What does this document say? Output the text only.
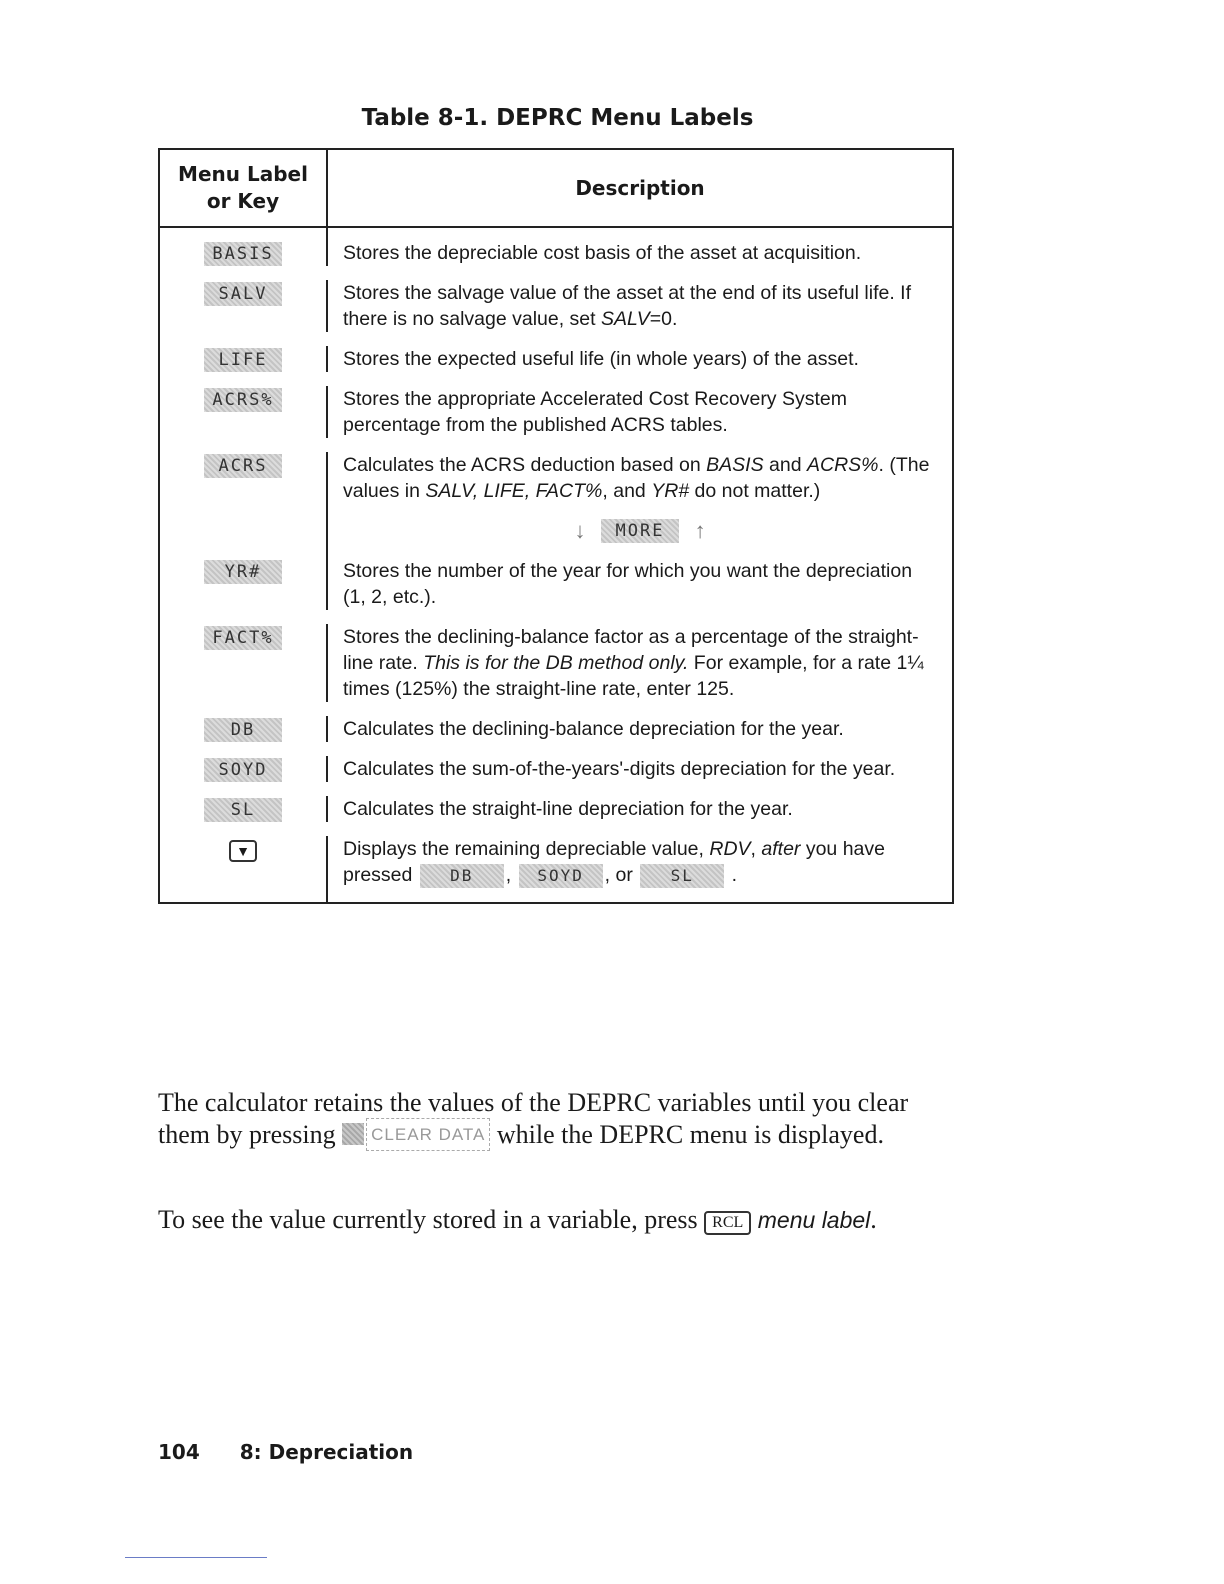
Table 8-1. DEPRC Menu Labels
Menu Label
or Key	Description
BASIS	Stores the depreciable cost basis of the asset at acquisition.

SALV	Stores the salvage value of the asset at the end of its useful life. If there is no salvage value, set SALV=0.

LIFE	Stores the expected useful life (in whole years) of the asset.

ACRS%	Stores the appropriate Accelerated Cost Recovery System percentage from the published ACRS tables.

ACRS	Calculates the ACRS deduction based on BASIS and ACRS%. (The values in SALV, LIFE, FACT%, and YR# do not matter.)
	↓ MORE ↑
YR#	Stores the number of the year for which you want the depreciation (1, 2, etc.).

FACT%	Stores the declining-balance factor as a percentage of the straight-line rate. This is for the DB method only. For example, for a rate 1¼ times (125%) the straight-line rate, enter 125.

DB	Calculates the declining-balance depreciation for the year.

SOYD	Calculates the sum-of-the-years'-digits depreciation for the year.

SL	Calculates the straight-line depreciation for the year.

▼	Displays the remaining depreciable value, RDV, after you have pressed DB , SOYD , or SL .
The calculator retains the values of the DEPRC variables until you clear them by pressing CLEAR DATA while the DEPRC menu is displayed.
To see the value currently stored in a variable, press RCL menu label.
104 8: Depreciation
